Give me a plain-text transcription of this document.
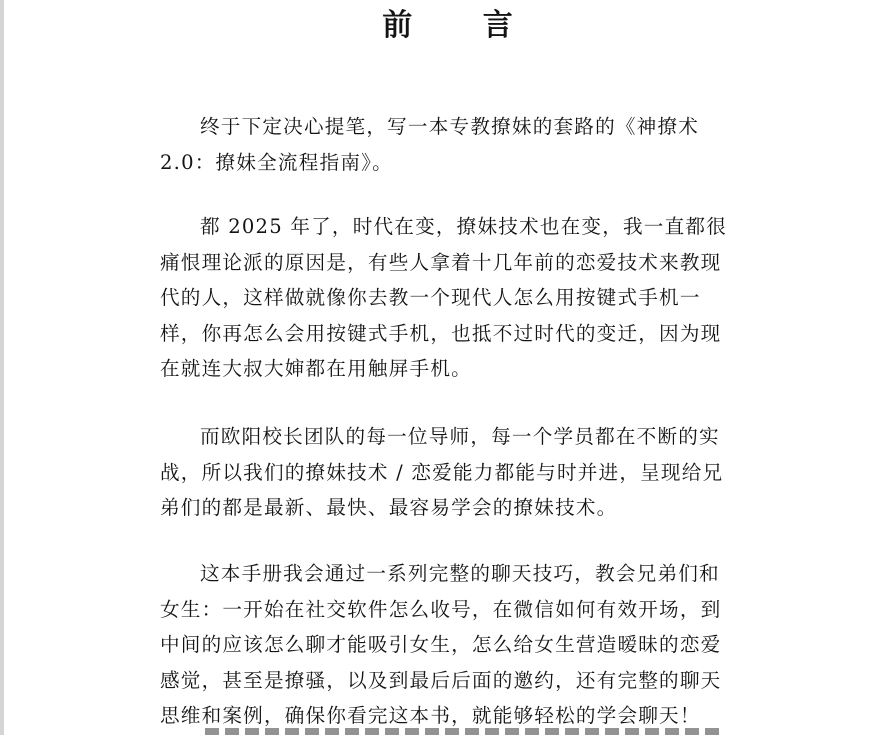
前 言

终于下定决心提笔，写一本专教撩妹的套路的《神撩术 2.0：撩妹全流程指南》。

都 2025 年了，时代在变，撩妹技术也在变，我一直都很痛恨理论派的原因是，有些人拿着十几年前的恋爱技术来教现代的人，这样做就像你去教一个现代人怎么用按键式手机一样，你再怎么会用按键式手机，也抵不过时代的变迁，因为现在就连大叔大婶都在用触屏手机。

而欧阳校长团队的每一位导师，每一个学员都在不断的实战，所以我们的撩妹技术 / 恋爱能力都能与时并进，呈现给兄弟们的都是最新、最快、最容易学会的撩妹技术。

这本手册我会通过一系列完整的聊天技巧，教会兄弟们和女生：一开始在社交软件怎么收号，在微信如何有效开场，到中间的应该怎么聊才能吸引女生，怎么给女生营造暧昧的恋爱感觉，甚至是撩骚，以及到最后后面的邀约，还有完整的聊天思维和案例，确保你看完这本书，就能够轻松的学会聊天！
